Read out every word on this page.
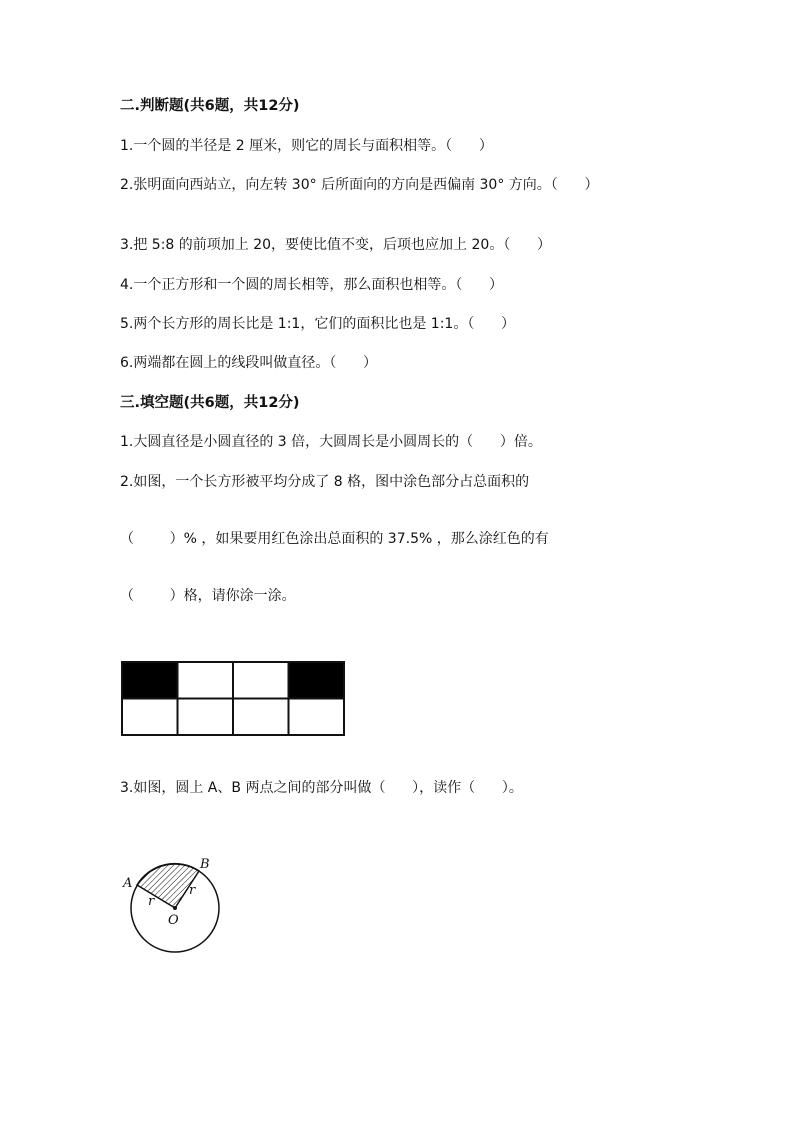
二.判断题(共6题，共12分)
1.一个圆的半径是 2 厘米，则它的周长与面积相等。（      ）
2.张明面向西站立，向左转 30° 后所面向的方向是西偏南 30° 方向。（      ）
3.把 5:8 的前项加上 20，要使比值不变，后项也应加上 20。（      ）
4.一个正方形和一个圆的周长相等，那么面积也相等。（      ）
5.两个长方形的周长比是 1:1，它们的面积比也是 1:1。（      ）
6.两端都在圆上的线段叫做直径。（      ）
三.填空题(共6题，共12分)
1.大圆直径是小圆直径的 3 倍，大圆周长是小圆周长的（      ）倍。
2.如图，一个长方形被平均分成了 8 格，图中涂色部分占总面积的
（        ）% ，如果要用红色涂出总面积的 37.5% ，那么涂红色的有
（        ）格，请你涂一涂。
3.如图，圆上 A、B 两点之间的部分叫做（      ），读作（      ）。
A
B
O
r
r
